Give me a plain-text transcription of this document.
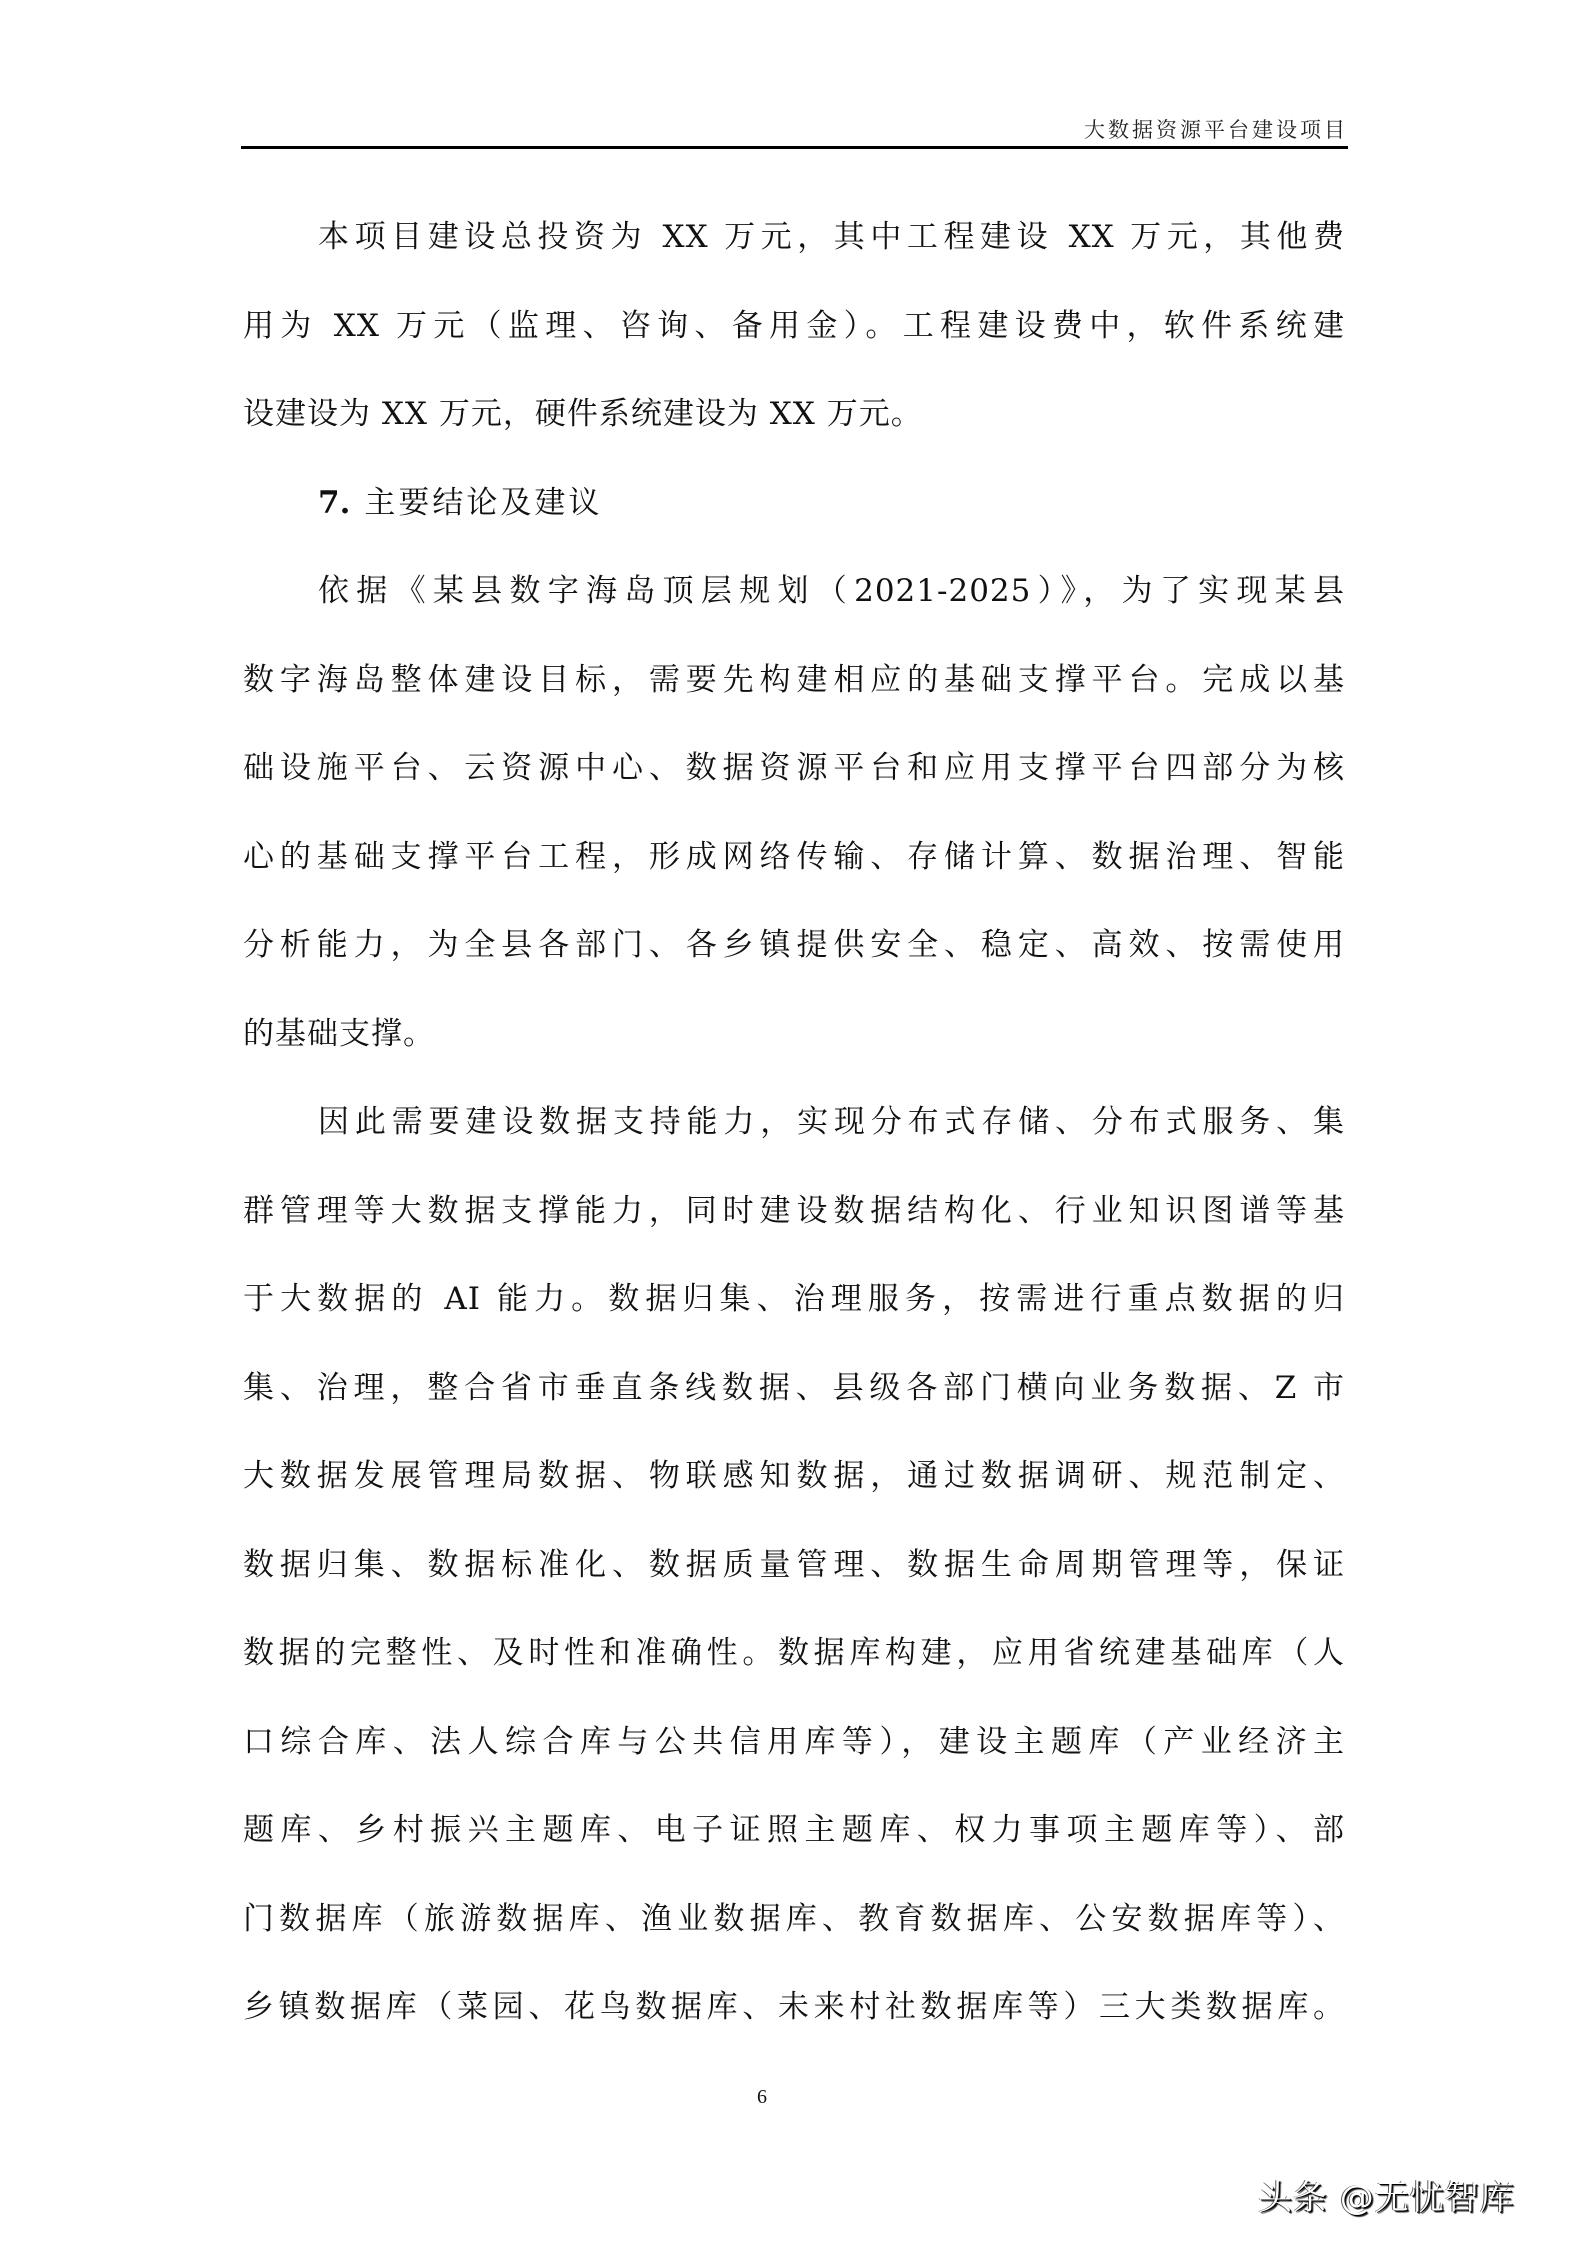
大数据资源平台建设项目
本项目建设总投资为 XX 万元，其中工程建设 XX 万元，其他费
用为 XX 万元（监理、咨询、备用金）。工程建设费中，软件系统建
设建设为 XX 万元，硬件系统建设为 XX 万元。
7. 主要结论及建议
依据《某县数字海岛顶层规划（2021-2025）》，为了实现某县
数字海岛整体建设目标，需要先构建相应的基础支撑平台。完成以基
础设施平台、云资源中心、数据资源平台和应用支撑平台四部分为核
心的基础支撑平台工程，形成网络传输、存储计算、数据治理、智能
分析能力，为全县各部门、各乡镇提供安全、稳定、高效、按需使用
的基础支撑。
因此需要建设数据支持能力，实现分布式存储、分布式服务、集
群管理等大数据支撑能力，同时建设数据结构化、行业知识图谱等基
于大数据的 AI 能力。数据归集、治理服务，按需进行重点数据的归
集、治理，整合省市垂直条线数据、县级各部门横向业务数据、Z 市
大数据发展管理局数据、物联感知数据，通过数据调研、规范制定、
数据归集、数据标准化、数据质量管理、数据生命周期管理等，保证
数据的完整性、及时性和准确性。数据库构建，应用省统建基础库（人
口综合库、法人综合库与公共信用库等），建设主题库（产业经济主
题库、乡村振兴主题库、电子证照主题库、权力事项主题库等）、部
门数据库（旅游数据库、渔业数据库、教育数据库、公安数据库等）、
乡镇数据库（菜园、花鸟数据库、未来村社数据库等）三大类数据库。
6
头条 @无忧智库
